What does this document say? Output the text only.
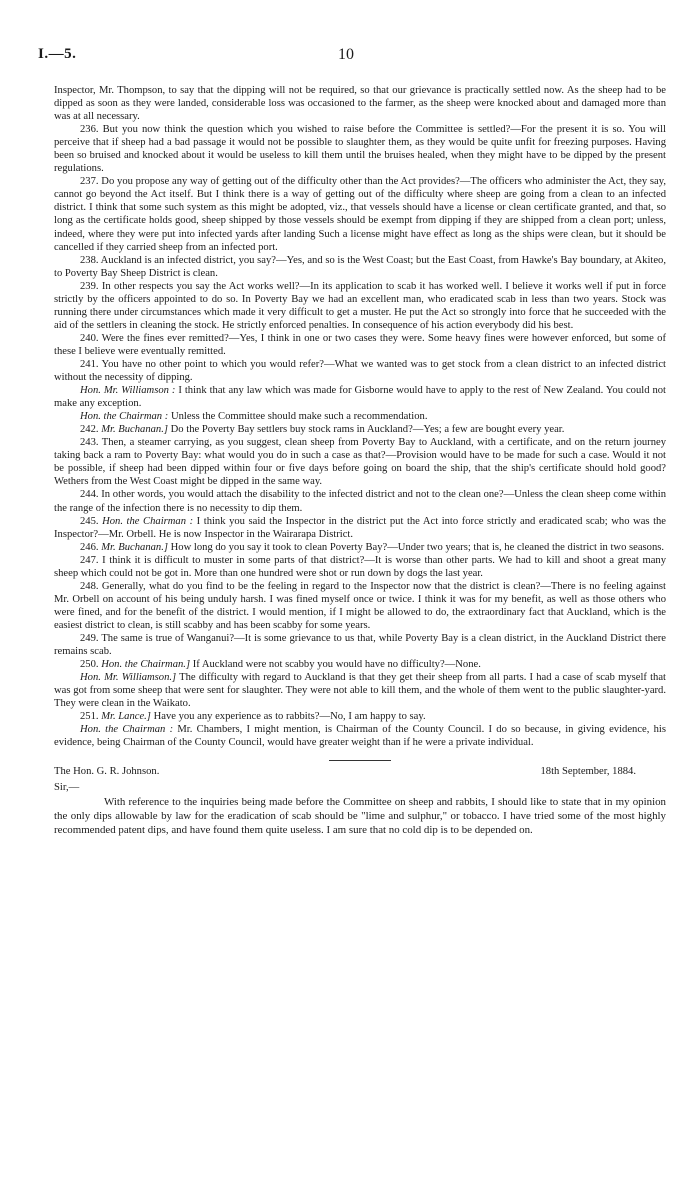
I.—5.	10

Inspector, Mr. Thompson, to say that the dipping will not be required, so that our grievance is practically settled now. As the sheep had to be dipped as soon as they were landed, considerable loss was occasioned to the farmer, as the sheep were knocked about and damaged more than was at all necessary.

236. But you now think the question which you wished to raise before the Committee is settled?—For the present it is so. You will perceive that if sheep had a bad passage it would not be possible to slaughter them, as they would be quite unfit for freezing purposes. Having been so bruised and knocked about it would be useless to kill them until the bruises healed, when they might have to be dipped by the present regulations.

237. Do you propose any way of getting out of the difficulty other than the Act provides?—The officers who administer the Act, they say, cannot go beyond the Act itself. But I think there is a way of getting out of the difficulty where sheep are going from a clean to an infected district. I think that some such system as this might be adopted, viz., that vessels should have a license or clean certificate granted, and that, so long as the certificate holds good, sheep shipped by those vessels should be exempt from dipping if they are shipped from a clean port; unless, indeed, where they were put into infected yards after landing Such a license might have effect as long as the ships were clean, but it should be cancelled if they carried sheep from an infected port.

238. Auckland is an infected district, you say?—Yes, and so is the West Coast; but the East Coast, from Hawke's Bay boundary, at Akiteo, to Poverty Bay Sheep District is clean.

239. In other respects you say the Act works well?—In its application to scab it has worked well. I believe it works well if put in force strictly by the officers appointed to do so. In Poverty Bay we had an excellent man, who eradicated scab in less than two years. Stock was running there under circumstances which made it very difficult to get a muster. He put the Act so strongly into force that he succeeded with the aid of the settlers in cleaning the stock. He strictly enforced penalties. In consequence of his action everybody did his best.

240. Were the fines ever remitted?—Yes, I think in one or two cases they were. Some heavy fines were however enforced, but some of these I believe were eventually remitted.

241. You have no other point to which you would refer?—What we wanted was to get stock from a clean district to an infected district without the necessity of dipping.

Hon. Mr. Williamson : I think that any law which was made for Gisborne would have to apply to the rest of New Zealand. You could not make any exception.

Hon. the Chairman : Unless the Committee should make such a recommendation.

242. Mr. Buchanan.] Do the Poverty Bay settlers buy stock rams in Auckland?—Yes; a few are bought every year.

243. Then, a steamer carrying, as you suggest, clean sheep from Poverty Bay to Auckland, with a certificate, and on the return journey taking back a ram to Poverty Bay: what would you do in such a case as that?—Provision would have to be made for such a case. Would it not be possible, if sheep had been dipped within four or five days before going on board the ship, that the ship's certificate should hold good? Wethers from the West Coast might be dipped in the same way.

244. In other words, you would attach the disability to the infected district and not to the clean one?—Unless the clean sheep come within the range of the infection there is no necessity to dip them.

245. Hon. the Chairman : I think you said the Inspector in the district put the Act into force strictly and eradicated scab; who was the Inspector?—Mr. Orbell. He is now Inspector in the Wairarapa District.

246. Mr. Buchanan.] How long do you say it took to clean Poverty Bay?—Under two years; that is, he cleaned the district in two seasons.

247. I think it is difficult to muster in some parts of that district?—It is worse than other parts. We had to kill and shoot a great many sheep which could not be got in. More than one hundred were shot or run down by dogs the last year.

248. Generally, what do you find to be the feeling in regard to the Inspector now that the district is clean?—There is no feeling against Mr. Orbell on account of his being unduly harsh. I was fined myself once or twice. I think it was for my benefit, as well as those others who were fined, and for the benefit of the district. I would mention, if I might be allowed to do, the extraordinary fact that Auckland, which is the easiest district to clean, is still scabby and has been scabby for some years.

249. The same is true of Wanganui?—It is some grievance to us that, while Poverty Bay is a clean district, in the Auckland District there remains scab.

250. Hon. the Chairman.] If Auckland were not scabby you would have no difficulty?—None.

Hon. Mr. Williamson.] The difficulty with regard to Auckland is that they get their sheep from all parts. I had a case of scab myself that was got from some sheep that were sent for slaughter. They were not able to kill them, and the whole of them went to the public slaughter-yard. They were clean in the Waikato.

251. Mr. Lance.] Have you any experience as to rabbits?—No, I am happy to say.

Hon. the Chairman : Mr. Chambers, I might mention, is Chairman of the County Council. I do so because, in giving evidence, his evidence, being Chairman of the County Council, would have greater weight than if he were a private individual.

The Hon. G. R. Johnson.	18th September, 1884.

Sir,—

With reference to the inquiries being made before the Committee on sheep and rabbits, I should like to state that in my opinion the only dips allowable by law for the eradication of scab should be "lime and sulphur," or tobacco. I have tried some of the most highly recommended patent dips, and have found them quite useless. I am sure that no cold dip is to be depended on.
